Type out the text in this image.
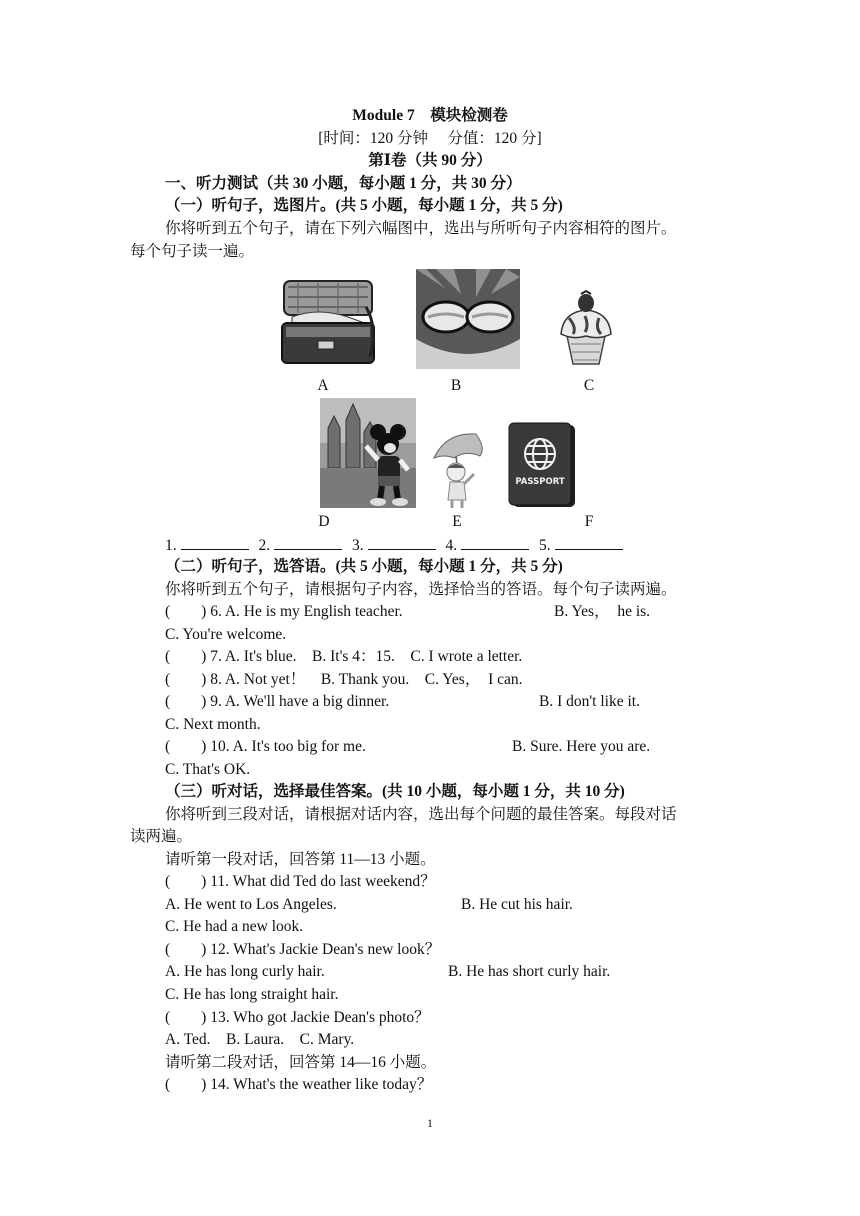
Module 7　模块检测卷
[时间：120 分钟　 分值：120 分]
第Ⅰ卷（共 90 分）
一、听力测试（共 30 小题，每小题 1 分，共 30 分）
（一）听句子，选图片。(共 5 小题，每小题 1 分，共 5 分)
你将听到五个句子，请在下列六幅图中，选出与所听句子内容相符的图片。
每个句子读一遍。
A	B	C
D	E
PASSPORT
F
1.	2.	3.	4.	5.
（二）听句子，选答语。(共 5 小题，每小题 1 分，共 5 分)
你将听到五个句子，请根据句子内容，选择恰当的答语。每个句子读两遍。
(　　) 6. A. He is my English teacher.	B. Yes，　he is.
C. You're welcome.
(　　) 7. A. It's blue.　B. It's 4：15.　C. I wrote a letter.
(　　) 8. A. Not yet！　B. Thank you.　C. Yes，　I can.
(　　) 9. A. We'll have a big dinner.	B. I don't like it.
C. Next month.
(　　) 10. A. It's too big for me.	B. Sure. Here you are.
C. That's OK.
（三）听对话，选择最佳答案。(共 10 小题，每小题 1 分，共 10 分)
你将听到三段对话，请根据对话内容，选出每个问题的最佳答案。每段对话
读两遍。
请听第一段对话，回答第 11—13 小题。
(　　) 11. What did Ted do last weekend？
A. He went to Los Angeles.	B. He cut his hair.
C. He had a new look.
(　　) 12. What's Jackie Dean's new look？
A. He has long curly hair.	B. He has short curly hair.
C. He has long straight hair.
(　　) 13. Who got Jackie Dean's photo？
A. Ted.　B. Laura.　C. Mary.
请听第二段对话，回答第 14—16 小题。
(　　) 14. What's the weather like today？
1
